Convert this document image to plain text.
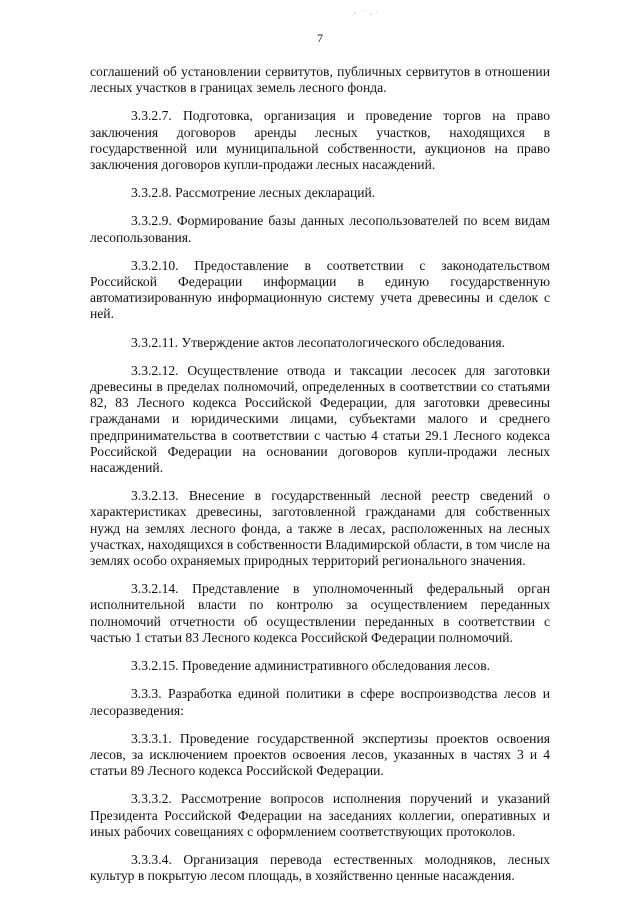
7

соглашений об установлении сервитутов, публичных сервитутов в отношении лесных участков в границах земель лесного фонда.

3.3.2.7. Подготовка, организация и проведение торгов на право заключения договоров аренды лесных участков, находящихся в государственной или муниципальной собственности, аукционов на право заключения договоров купли-продажи лесных насаждений.

3.3.2.8. Рассмотрение лесных деклараций.

3.3.2.9. Формирование базы данных лесопользователей по всем видам лесопользования.

3.3.2.10. Предоставление в соответствии с законодательством Российской Федерации информации в единую государственную автоматизированную информационную систему учета древесины и сделок с ней.

3.3.2.11. Утверждение актов лесопатологического обследования.

3.3.2.12. Осуществление отвода и таксации лесосек для заготовки древесины в пределах полномочий, определенных в соответствии со статьями 82, 83 Лесного кодекса Российской Федерации, для заготовки древесины гражданами и юридическими лицами, субъектами малого и среднего предпринимательства в соответствии с частью 4 статьи 29.1 Лесного кодекса Российской Федерации на основании договоров купли-продажи лесных насаждений.

3.3.2.13. Внесение в государственный лесной реестр сведений о характеристиках древесины, заготовленной гражданами для собственных нужд на землях лесного фонда, а также в лесах, расположенных на лесных участках, находящихся в собственности Владимирской области, в том числе на землях особо охраняемых природных территорий регионального значения.

3.3.2.14. Представление в уполномоченный федеральный орган исполнительной власти по контролю за осуществлением переданных полномочий отчетности об осуществлении переданных в соответствии с частью 1 статьи 83 Лесного кодекса Российской Федерации полномочий.

3.3.2.15. Проведение административного обследования лесов.

3.3.3. Разработка единой политики в сфере воспроизводства лесов и лесоразведения:

3.3.3.1. Проведение государственной экспертизы проектов освоения лесов, за исключением проектов освоения лесов, указанных в частях 3 и 4 статьи 89 Лесного кодекса Российской Федерации.

3.3.3.2. Рассмотрение вопросов исполнения поручений и указаний Президента Российской Федерации на заседаниях коллегии, оперативных и иных рабочих совещаниях с оформлением соответствующих протоколов.

3.3.3.4. Организация перевода естественных молодняков, лесных культур в покрытую лесом площадь, в хозяйственно ценные насаждения.
